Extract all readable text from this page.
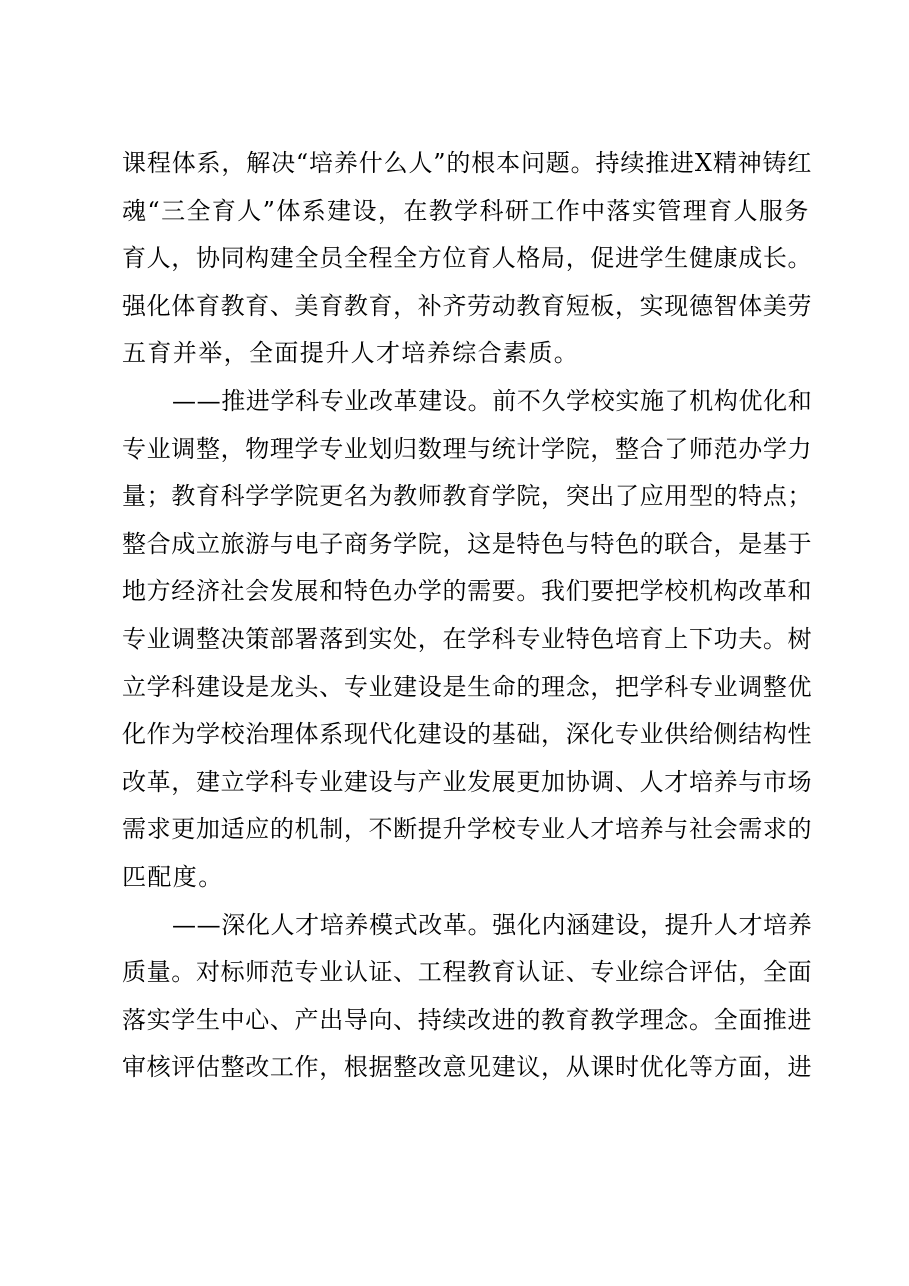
课程体系，解决“培养什么人”的根本问题。持续推进X精神铸红
魂“三全育人”体系建设，在教学科研工作中落实管理育人服务
育人，协同构建全员全程全方位育人格局，促进学生健康成长。
强化体育教育、美育教育，补齐劳动教育短板，实现德智体美劳
五育并举，全面提升人才培养综合素质。
——推进学科专业改革建设。前不久学校实施了机构优化和
专业调整，物理学专业划归数理与统计学院，整合了师范办学力
量；教育科学学院更名为教师教育学院，突出了应用型的特点；
整合成立旅游与电子商务学院，这是特色与特色的联合，是基于
地方经济社会发展和特色办学的需要。我们要把学校机构改革和
专业调整决策部署落到实处，在学科专业特色培育上下功夫。树
立学科建设是龙头、专业建设是生命的理念，把学科专业调整优
化作为学校治理体系现代化建设的基础，深化专业供给侧结构性
改革，建立学科专业建设与产业发展更加协调、人才培养与市场
需求更加适应的机制，不断提升学校专业人才培养与社会需求的
匹配度。
——深化人才培养模式改革。强化内涵建设，提升人才培养
质量。对标师范专业认证、工程教育认证、专业综合评估，全面
落实学生中心、产出导向、持续改进的教育教学理念。全面推进
审核评估整改工作，根据整改意见建议，从课时优化等方面，进
